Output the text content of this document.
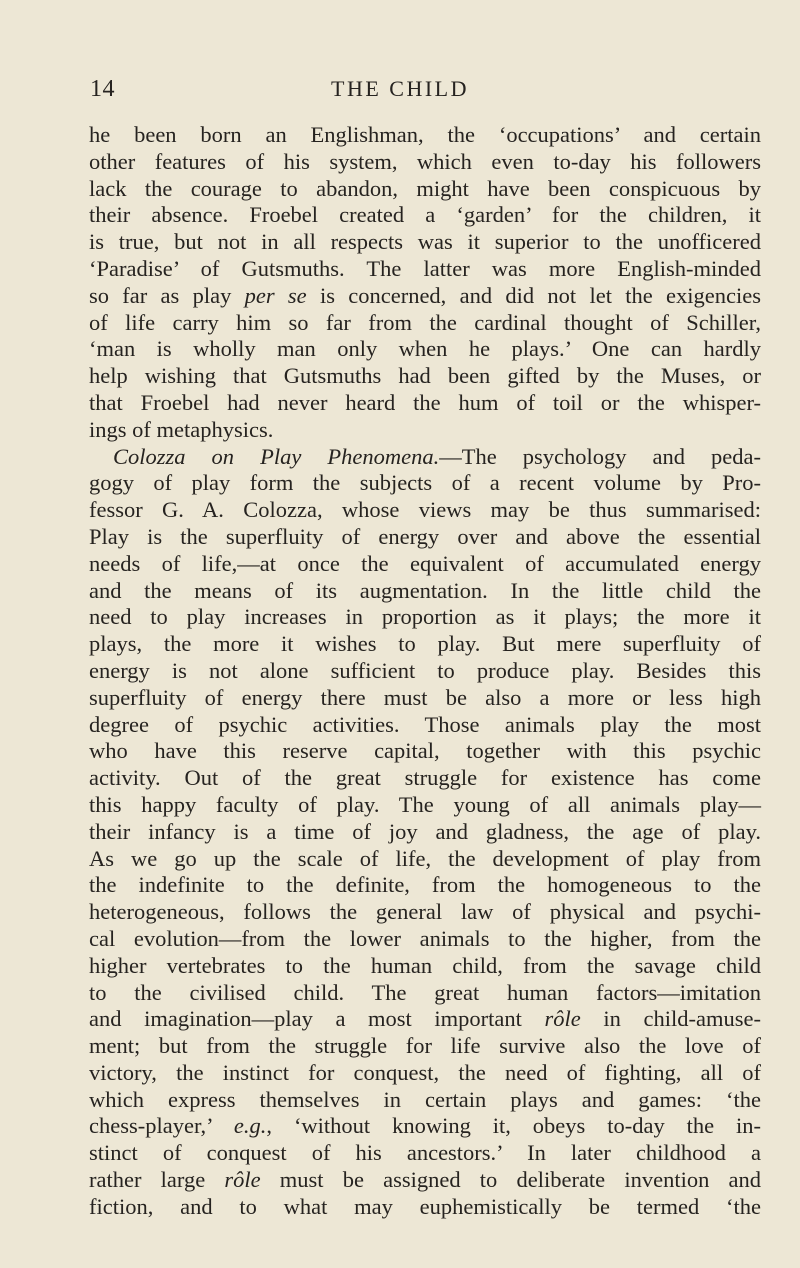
14	THE CHILD
he been born an Englishman, the ‘occupations’ and certain
other features of his system, which even to-day his followers
lack the courage to abandon, might have been conspicuous by
their absence. Froebel created a ‘garden’ for the children, it
is true, but not in all respects was it superior to the unofficered
‘Paradise’ of Gutsmuths. The latter was more English-minded
so far as play per se is concerned, and did not let the exigencies
of life carry him so far from the cardinal thought of Schiller,
‘man is wholly man only when he plays.’ One can hardly
help wishing that Gutsmuths had been gifted by the Muses, or
that Froebel had never heard the hum of toil or the whisper-
ings of metaphysics.
Colozza on Play Phenomena.—The psychology and peda-
gogy of play form the subjects of a recent volume by Pro-
fessor G. A. Colozza, whose views may be thus summarised:
Play is the superfluity of energy over and above the essential
needs of life,—at once the equivalent of accumulated energy
and the means of its augmentation. In the little child the
need to play increases in proportion as it plays; the more it
plays, the more it wishes to play. But mere superfluity of
energy is not alone sufficient to produce play. Besides this
superfluity of energy there must be also a more or less high
degree of psychic activities. Those animals play the most
who have this reserve capital, together with this psychic
activity. Out of the great struggle for existence has come
this happy faculty of play. The young of all animals play—
their infancy is a time of joy and gladness, the age of play.
As we go up the scale of life, the development of play from
the indefinite to the definite, from the homogeneous to the
heterogeneous, follows the general law of physical and psychi-
cal evolution—from the lower animals to the higher, from the
higher vertebrates to the human child, from the savage child
to the civilised child. The great human factors—imitation
and imagination—play a most important rôle in child-amuse-
ment; but from the struggle for life survive also the love of
victory, the instinct for conquest, the need of fighting, all of
which express themselves in certain plays and games: ‘the
chess-player,’ e.g., ‘without knowing it, obeys to-day the in-
stinct of conquest of his ancestors.’ In later childhood a
rather large rôle must be assigned to deliberate invention and
fiction, and to what may euphemistically be termed ‘the
